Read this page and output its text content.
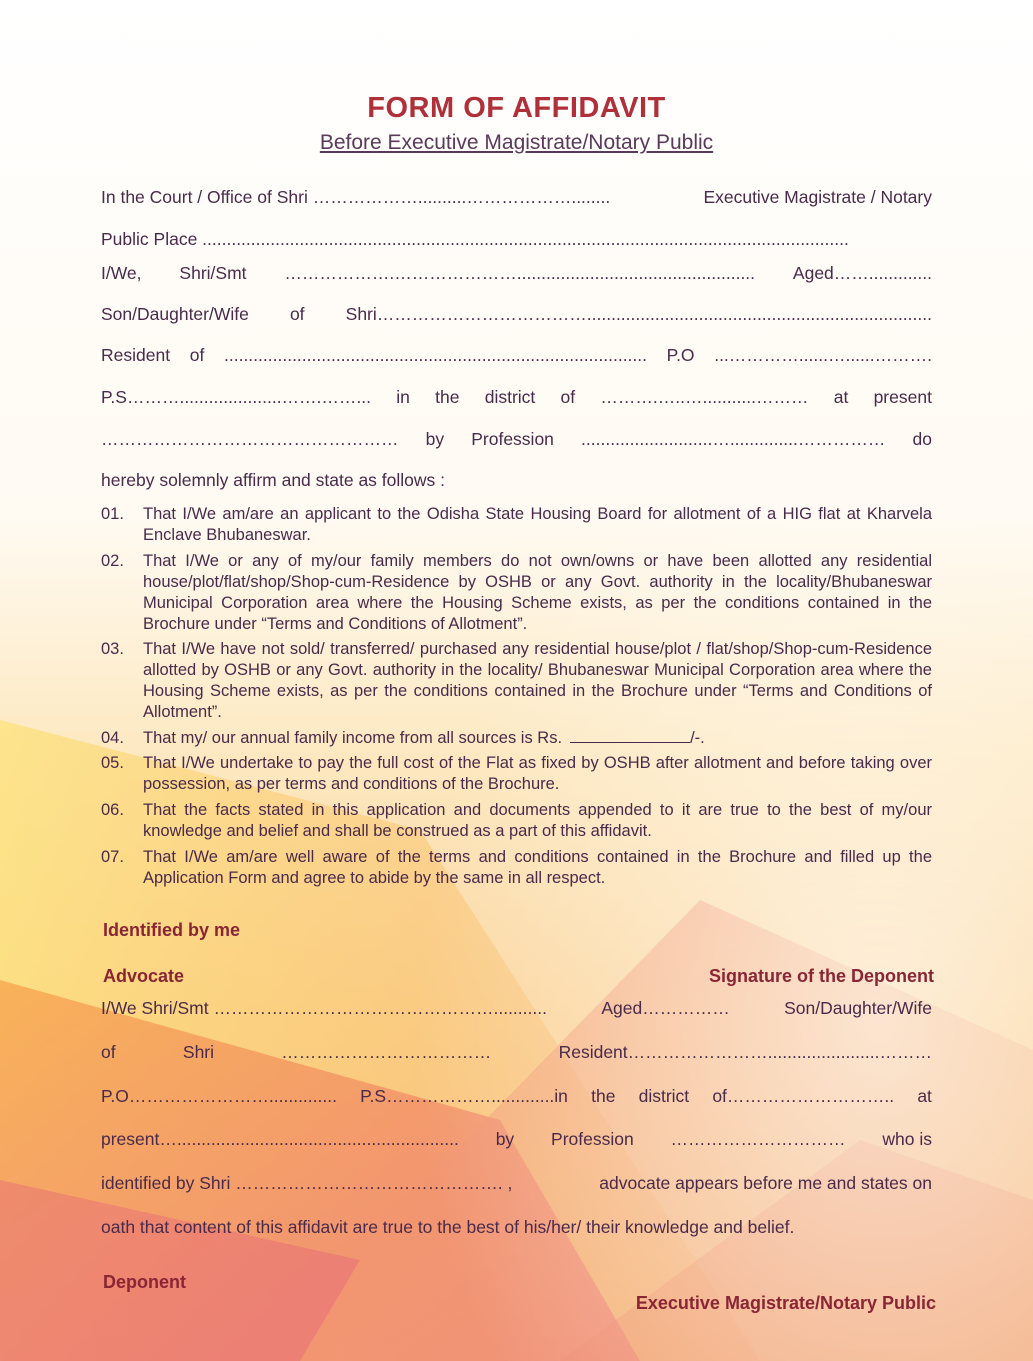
FORM OF AFFIDAVIT
Before Executive Magistrate/Notary Public
In the Court / Office of Shri ………………..........………………........	Executive Magistrate / Notary
Public Place .....................................................................................................................................
I/We, Shri/Smt ……………….…………………................................................. Aged…….............
Son/Daughter/Wife of Shri……………………………….......................................................................
Resident of ....................................................................................... P.O ...…………......…......……….
P.S……….....................…….……... in the district of ……….…..…...........……… at present
…………………………………………… by Profession ...........................…..............…………… do
hereby solemnly affirm and state as follows :
01.	That I/We am/are an applicant to the Odisha State Housing Board for allotment of a HIG flat at Kharvela Enclave Bhubaneswar.
02.	That I/We or any of my/our family members do not own/owns or have been allotted any residential house/plot/flat/shop/Shop-cum-Residence by OSHB or any Govt. authority in the locality/Bhubaneswar Municipal Corporation area where the Housing Scheme exists, as per the conditions contained in the Brochure under “Terms and Conditions of Allotment”.
03.	That I/We have not sold/ transferred/ purchased any residential house/plot / flat/shop/Shop-cum-Residence allotted by OSHB or any Govt. authority in the locality/ Bhubaneswar Municipal Corporation area where the Housing Scheme exists, as per the conditions contained in the Brochure under “Terms and Conditions of Allotment”.
04.	That my/ our annual family income from all sources is Rs.	/-.
05.	That I/We undertake to pay the full cost of the Flat as fixed by OSHB after allotment and before taking over possession, as per terms and conditions of the Brochure.
06.	That the facts stated in this application and documents appended to it are true to the best of my/our knowledge and belief and shall be construed as a part of this affidavit.
07.	That I/We am/are well aware of the terms and conditions contained in the Brochure and filled up the Application Form and agree to abide by the same in all respect.
Identified by me
Advocate	Signature of the Deponent
I/We Shri/Smt …………………………………………...........	Aged……………	Son/Daughter/Wife
of	Shri	………………………………	Resident…………………….......................………
P.O…………………….............. P.S……………….............in the district of……………………….. at
present….......................................................... by Profession ………………………… who is
identified by Shri ………………………………………. ,	advocate appears before me and states on
oath that content of this affidavit are true to the best of his/her/ their knowledge and belief.
Deponent
Executive Magistrate/Notary Public
